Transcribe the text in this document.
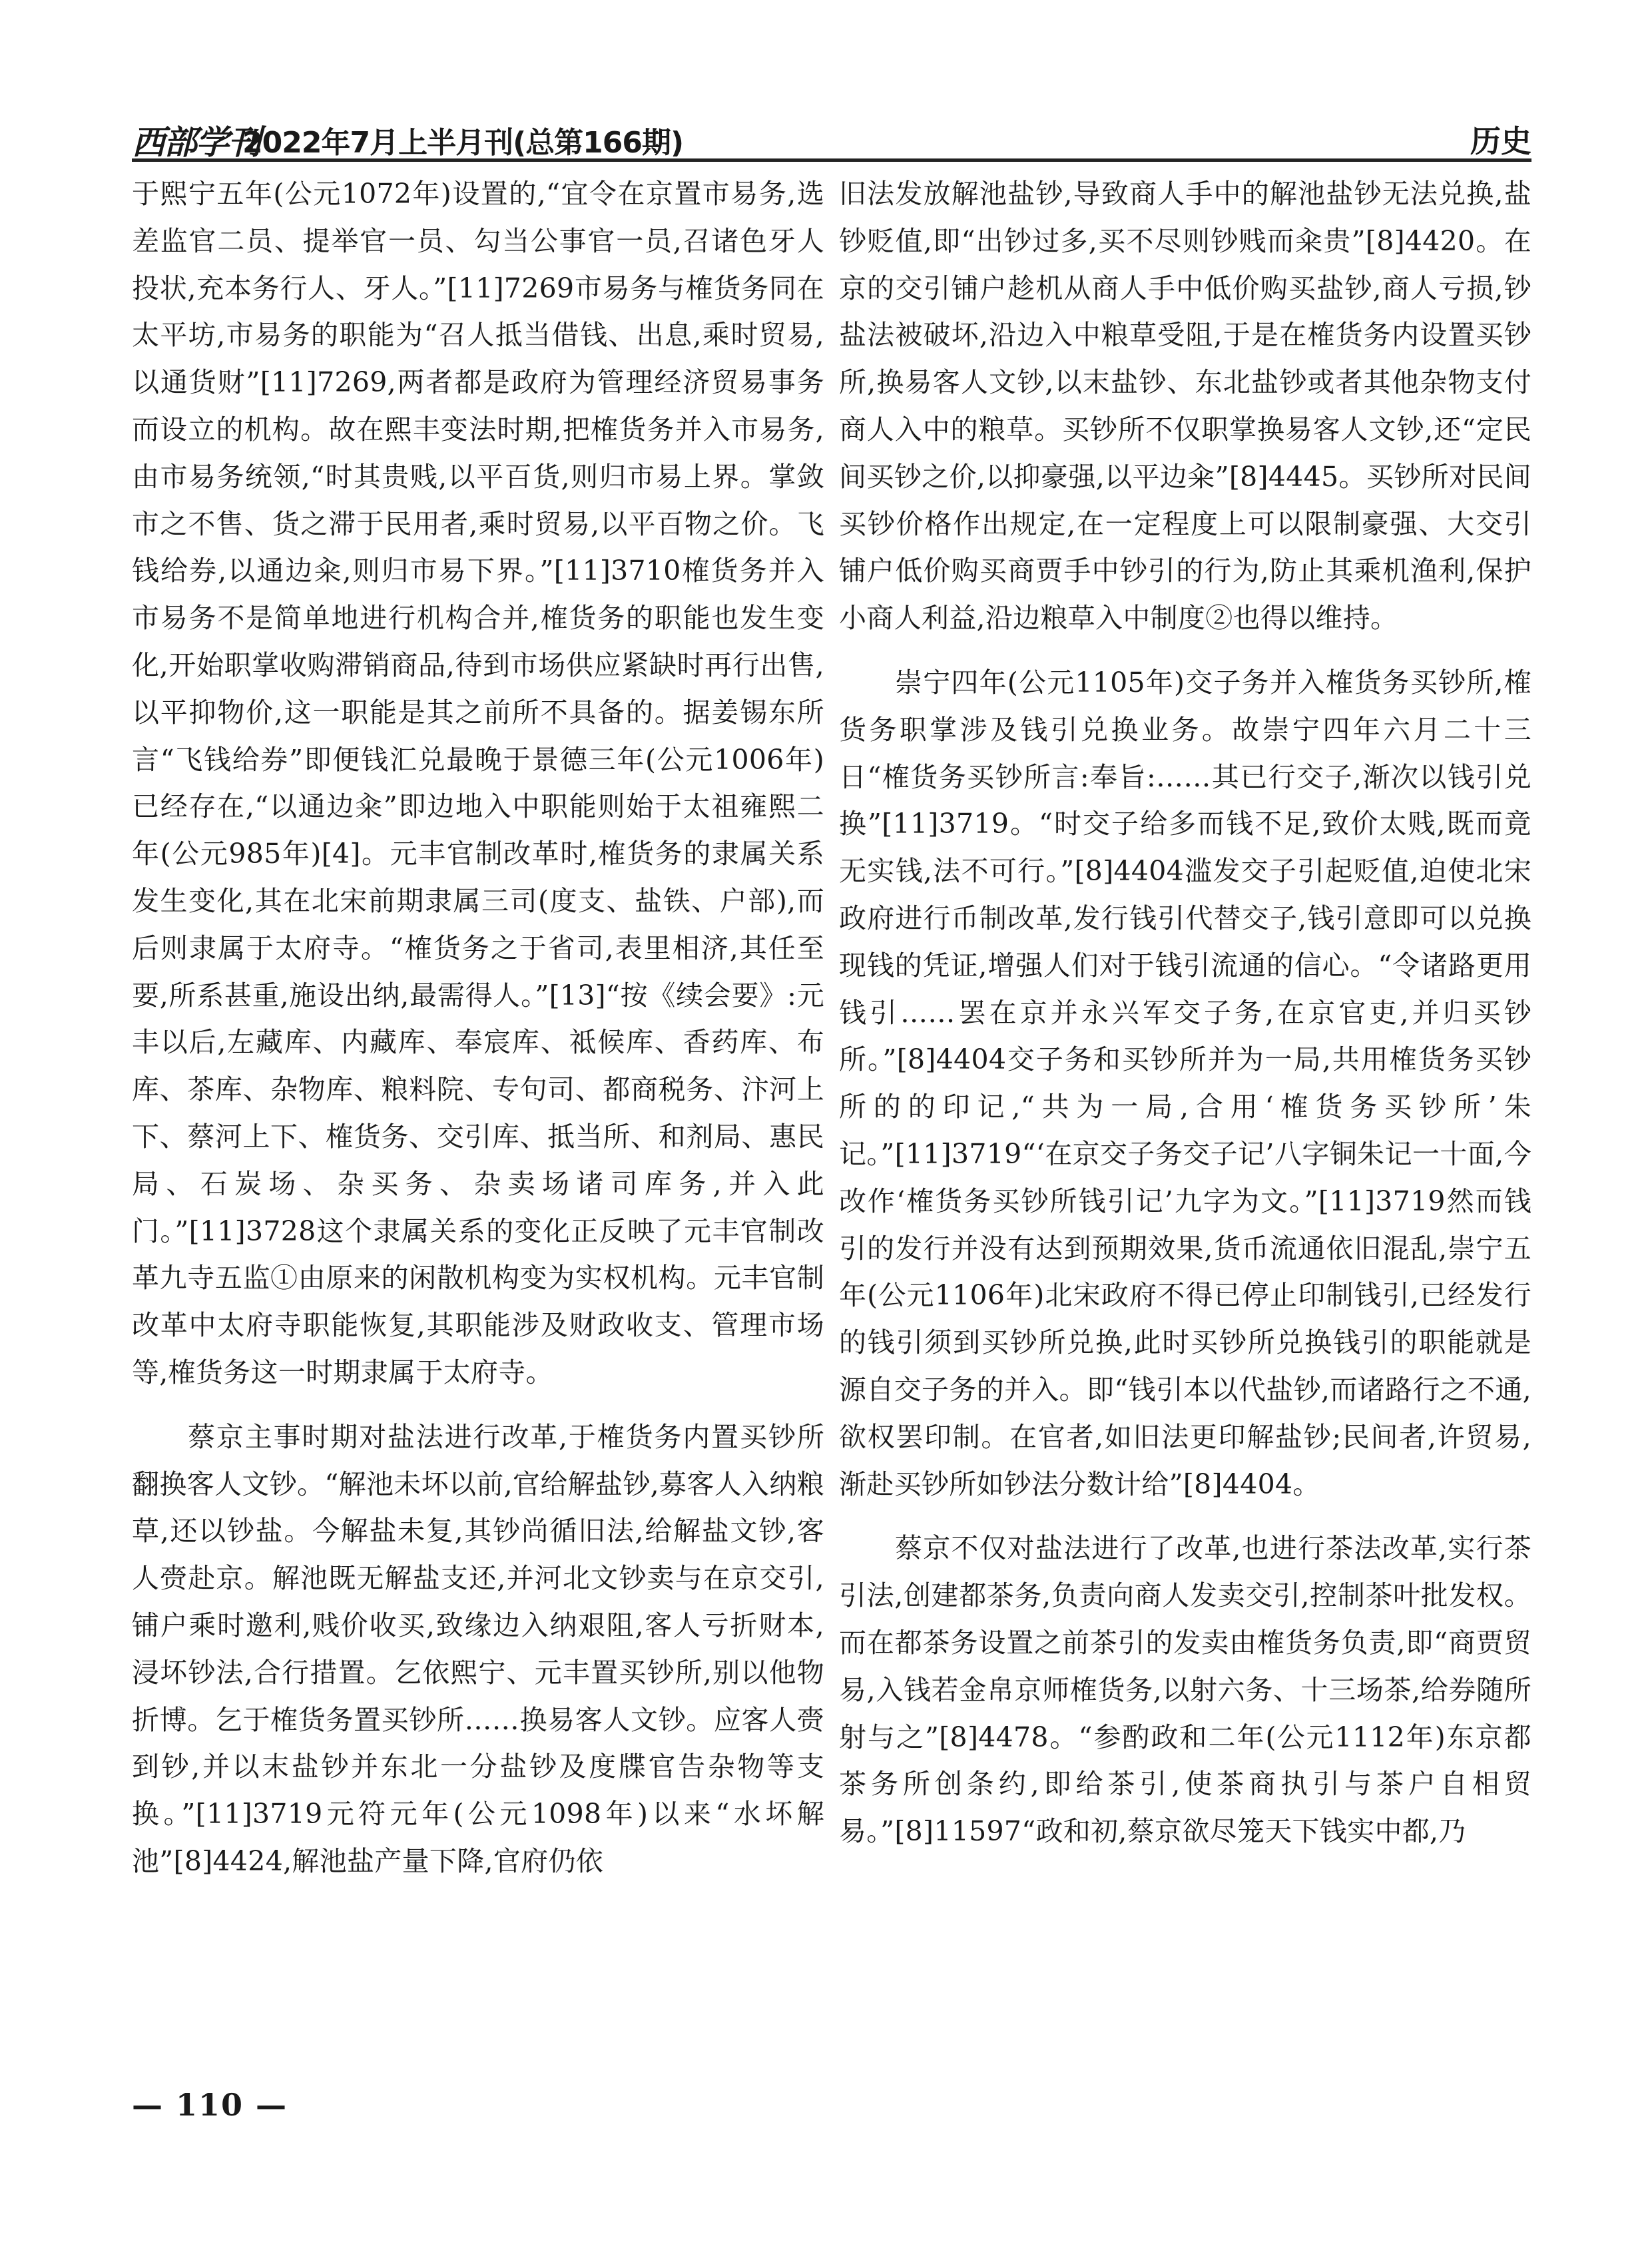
西部学刊
2022年7月上半月刊(总第166期)	历史

于熙宁五年(公元1072年)设置的,“宜令在京置市易务,选差监官二员、提举官一员、勾当公事官一员,召诸色牙人投状,充本务行人、牙人。”[11]7269市易务与榷货务同在太平坊,市易务的职能为“召人抵当借钱、出息,乘时贸易,以通货财”[11]7269,两者都是政府为管理经济贸易事务而设立的机构。故在熙丰变法时期,把榷货务并入市易务,由市易务统领,“时其贵贱,以平百货,则归市易上界。掌敛市之不售、货之滞于民用者,乘时贸易,以平百物之价。飞钱给券,以通边籴,则归市易下界。”[11]3710榷货务并入市易务不是简单地进行机构合并,榷货务的职能也发生变化,开始职掌收购滞销商品,待到市场供应紧缺时再行出售,以平抑物价,这一职能是其之前所不具备的。据姜锡东所言“飞钱给券”即便钱汇兑最晚于景德三年(公元1006年)已经存在,“以通边籴”即边地入中职能则始于太祖雍熙二年(公元985年)[4]。元丰官制改革时,榷货务的隶属关系发生变化,其在北宋前期隶属三司(度支、盐铁、户部),而后则隶属于太府寺。“榷货务之于省司,表里相济,其任至要,所系甚重,施设出纳,最需得人。”[13]“按《续会要》:元丰以后,左藏库、内藏库、奉宸库、祗候库、香药库、布库、茶库、杂物库、粮料院、专句司、都商税务、汴河上下、蔡河上下、榷货务、交引库、抵当所、和剂局、惠民局、石炭场、杂买务、杂卖场诸司库务,并入此门。”[11]3728这个隶属关系的变化正反映了元丰官制改革九寺五监①由原来的闲散机构变为实权机构。元丰官制改革中太府寺职能恢复,其职能涉及财政收支、管理市场等,榷货务这一时期隶属于太府寺。

蔡京主事时期对盐法进行改革,于榷货务内置买钞所翻换客人文钞。“解池未坏以前,官给解盐钞,募客人入纳粮草,还以钞盐。今解盐未复,其钞尚循旧法,给解盐文钞,客人赍赴京。解池既无解盐支还,并河北文钞卖与在京交引,铺户乘时邀利,贱价收买,致缘边入纳艰阻,客人亏折财本,浸坏钞法,合行措置。乞依熙宁、元丰置买钞所,别以他物折博。乞于榷货务置买钞所……换易客人文钞。应客人赍到钞,并以末盐钞并东北一分盐钞及度牒官告杂物等支换。”[11]3719元符元年(公元1098年)以来“水坏解池”[8]4424,解池盐产量下降,官府仍依

旧法发放解池盐钞,导致商人手中的解池盐钞无法兑换,盐钞贬值,即“出钞过多,买不尽则钞贱而籴贵”[8]4420。在京的交引铺户趁机从商人手中低价购买盐钞,商人亏损,钞盐法被破坏,沿边入中粮草受阻,于是在榷货务内设置买钞所,换易客人文钞,以末盐钞、东北盐钞或者其他杂物支付商人入中的粮草。买钞所不仅职掌换易客人文钞,还“定民间买钞之价,以抑豪强,以平边籴”[8]4445。买钞所对民间买钞价格作出规定,在一定程度上可以限制豪强、大交引铺户低价购买商贾手中钞引的行为,防止其乘机渔利,保护小商人利益,沿边粮草入中制度②也得以维持。

崇宁四年(公元1105年)交子务并入榷货务买钞所,榷货务职掌涉及钱引兑换业务。故崇宁四年六月二十三日“榷货务买钞所言:奉旨:……其已行交子,渐次以钱引兑换”[11]3719。“时交子给多而钱不足,致价太贱,既而竟无实钱,法不可行。”[8]4404滥发交子引起贬值,迫使北宋政府进行币制改革,发行钱引代替交子,钱引意即可以兑换现钱的凭证,增强人们对于钱引流通的信心。“令诸路更用钱引……罢在京并永兴军交子务,在京官吏,并归买钞所。”[8]4404交子务和买钞所并为一局,共用榷货务买钞所的的印记,“共为一局,合用‘榷货务买钞所’朱记。”[11]3719“‘在京交子务交子记’八字铜朱记一十面,今改作‘榷货务买钞所钱引记’九字为文。”[11]3719然而钱引的发行并没有达到预期效果,货币流通依旧混乱,崇宁五年(公元1106年)北宋政府不得已停止印制钱引,已经发行的钱引须到买钞所兑换,此时买钞所兑换钱引的职能就是源自交子务的并入。即“钱引本以代盐钞,而诸路行之不通,欲权罢印制。在官者,如旧法更印解盐钞;民间者,许贸易,渐赴买钞所如钞法分数计给”[8]4404。

蔡京不仅对盐法进行了改革,也进行茶法改革,实行茶引法,创建都茶务,负责向商人发卖交引,控制茶叶批发权。而在都茶务设置之前茶引的发卖由榷货务负责,即“商贾贸易,入钱若金帛京师榷货务,以射六务、十三场茶,给券随所射与之”[8]4478。“参酌政和二年(公元1112年)东京都茶务所创条约,即给茶引,使茶商执引与茶户自相贸易。”[8]11597“政和初,蔡京欲尽笼天下钱实中都,乃

— 110 —
